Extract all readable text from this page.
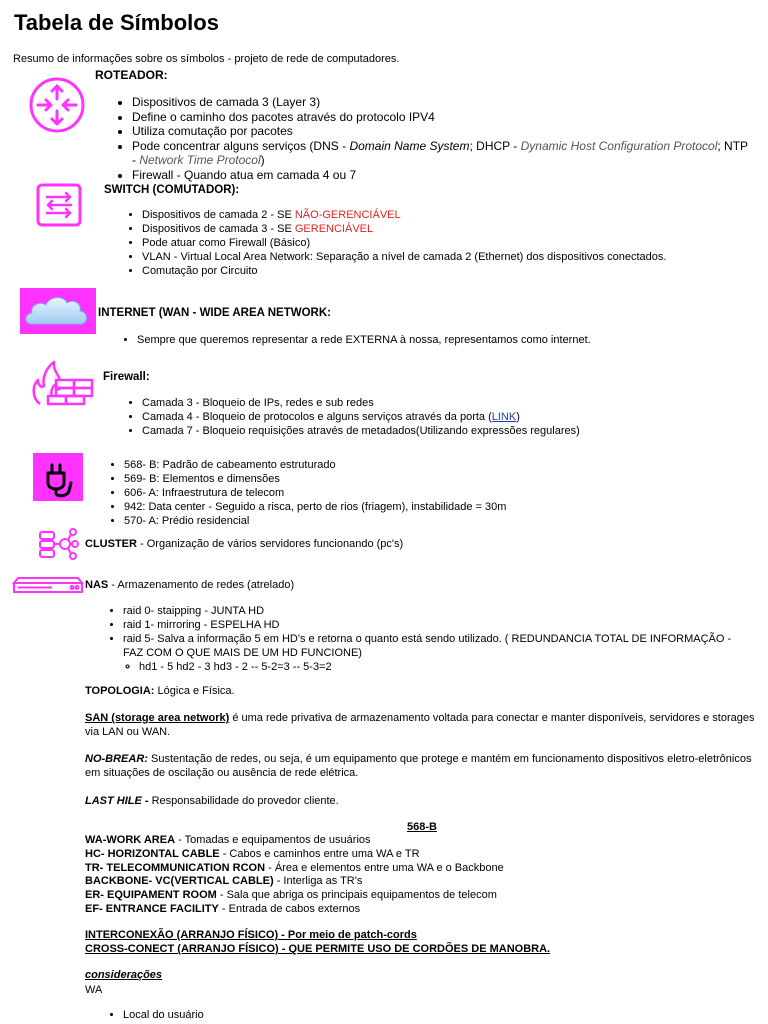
Tabela de Símbolos
Resumo de informações sobre os símbolos - projeto de rede de computadores.
ROTEADOR:
• Dispositivos de camada 3 (Layer 3)
• Define o caminho dos pacotes através do protocolo IPV4
• Utiliza comutação por pacotes
• Pode concentrar alguns serviços (DNS - Domain Name System; DHCP - Dynamic Host Configuration Protocol; NTP - Network Time Protocol)
• Firewall - Quando atua em camada 4 ou 7
SWITCH (COMUTADOR):
• Dispositivos de camada 2 - SE NÃO-GERENCIÁVEL
• Dispositivos de camada 3 - SE GERENCIÁVEL
• Pode atuar como Firewall (Básico)
• VLAN - Virtual Local Area Network: Separação a nível de camada 2 (Ethernet) dos dispositivos conectados.
• Comutação por Circuito
INTERNET (WAN - WIDE AREA NETWORK:
• Sempre que queremos representar a rede EXTERNA à nossa, representamos como internet.
Firewall:
• Camada 3 - Bloqueio de IPs, redes e sub redes
• Camada 4 - Bloqueio de protocolos e alguns serviços através da porta (LINK)
• Camada 7 - Bloqueio requisições através de metadados(Utilizando expressões regulares)
• 568- B: Padrão de cabeamento estruturado
• 569- B: Elementos e dimensões
• 606- A: Infraestrutura de telecom
• 942: Data center - Seguido a risca, perto de rios (friagem), instabilidade = 30m
• 570- A: Prédio residencial
CLUSTER - Organização de vários servidores funcionando (pc's)
NAS - Armazenamento de redes (atrelado)
• raid 0- staipping - JUNTA HD
• raid 1- mirroring - ESPELHA HD
• raid 5- Salva a informação 5 em HD's e retorna o quanto está sendo utilizado. ( REDUNDANCIA TOTAL DE INFORMAÇÃO - FAZ COM O QUE MAIS DE UM HD FUNCIONE)
◦ hd1 - 5 hd2 - 3 hd3 - 2 -- 5-2=3 -- 5-3=2
TOPOLOGIA: Lógica e Física.
SAN (storage area network) é uma rede privativa de armazenamento voltada para conectar e manter disponíveis, servidores e storages via LAN ou WAN.
NO-BREAR: Sustentação de redes, ou seja, é um equipamento que protege e mantém em funcionamento dispositivos eletro-eletrônicos em situações de oscilação ou ausência de rede elétrica.
LAST HILE - Responsabilidade do provedor cliente.
568-B
WA-WORK AREA - Tomadas e equipamentos de usuários
HC- HORIZONTAL CABLE - Cabos e caminhos entre uma WA e TR
TR- TELECOMMUNICATION RCON - Área e elementos entre uma WA e o Backbone
BACKBONE- VC(VERTICAL CABLE) - Interliga as TR's
ER- EQUIPAMENT ROOM - Sala que abriga os principais equipamentos de telecom
EF- ENTRANCE FACILITY - Entrada de cabos externos
INTERCONEXÃO (ARRANJO FÍSICO) - Por meio de patch-cords
CROSS-CONECT (ARRANJO FÍSICO) - QUE PERMITE USO DE CORDÕES DE MANOBRA.
considerações
WA
• Local do usuário
